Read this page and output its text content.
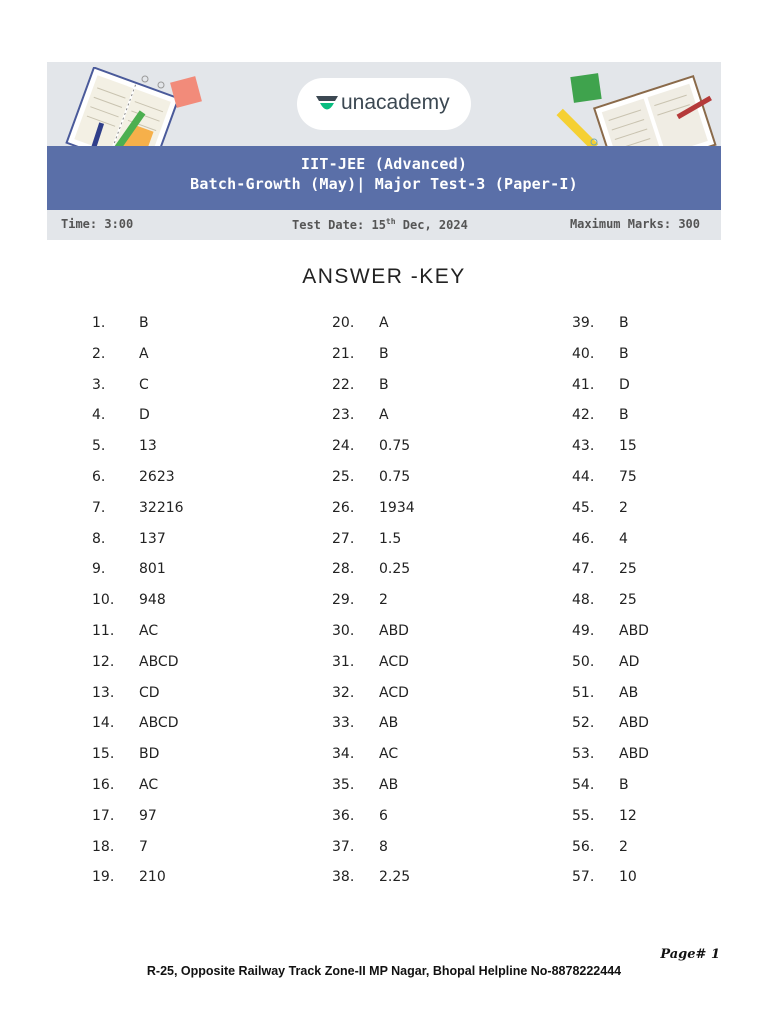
unacademy
IIT-JEE (Advanced)
Batch-Growth (May)| Major Test-3 (Paper-I)
Time: 3:00	Test Date: 15th Dec, 2024	Maximum Marks: 300
ANSWER -KEY
1. B
2. A
3. C
4. D
5. 13
6. 2623
7. 32216
8. 137
9. 801
10. 948
11. AC
12. ABCD
13. CD
14. ABCD
15. BD
16. AC
17. 97
18. 7
19. 210
20. A
21. B
22. B
23. A
24. 0.75
25. 0.75
26. 1934
27. 1.5
28. 0.25
29. 2
30. ABD
31. ACD
32. ACD
33. AB
34. AC
35. AB
36. 6
37. 8
38. 2.25
39. B
40. B
41. D
42. B
43. 15
44. 75
45. 2
46. 4
47. 25
48. 25
49. ABD
50. AD
51. AB
52. ABD
53. ABD
54. B
55. 12
56. 2
57. 10
Page# 1
R-25, Opposite Railway Track Zone-II MP Nagar, Bhopal Helpline No-8878222444
